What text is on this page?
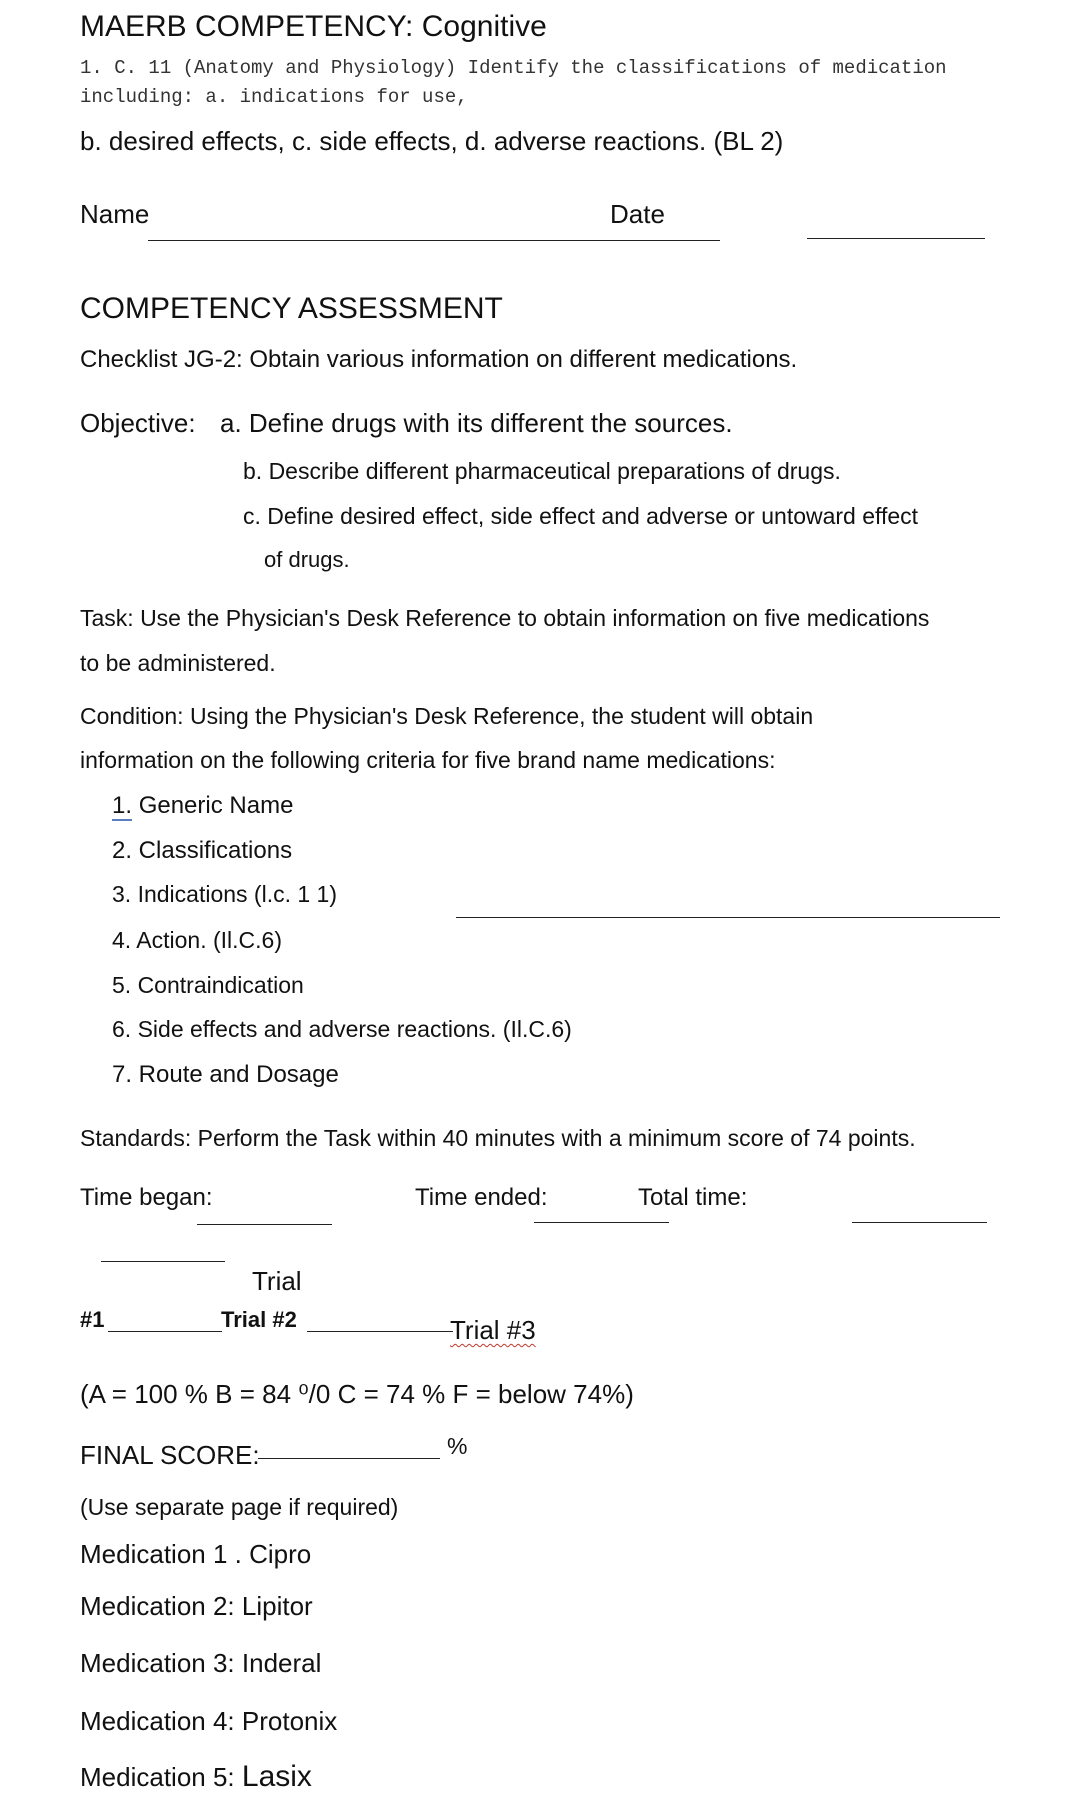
MAERB COMPETENCY: Cognitive
1. C. 11 (Anatomy and Physiology) Identify the classifications of medication
including: a. indications for use,
b. desired effects, c. side effects, d. adverse reactions. (BL 2)
Name	Date
COMPETENCY ASSESSMENT
Checklist JG-2: Obtain various information on different medications.
Objective: a. Define drugs with its different the sources.
b. Describe different pharmaceutical preparations of drugs.
c. Define desired effect, side effect and adverse or untoward effect
of drugs.
Task: Use the Physician's Desk Reference to obtain information on five medications
to be administered.
Condition: Using the Physician's Desk Reference, the student will obtain
information on the following criteria for five brand name medications:
1. Generic Name
2. Classifications
3. Indications (l.c. 1 1)
4. Action. (Il.C.6)
5. Contraindication
6. Side effects and adverse reactions. (Il.C.6)
7. Route and Dosage
Standards: Perform the Task within 40 minutes with a minimum score of 74 points.
Time began:	Time ended:	Total time:
Trial
#1	Trial #2	Trial #3
(A = 100 % B = 84 ⁰/0 C = 74 % F = below 74%)
FINAL SCORE:	%
(Use separate page if required)
Medication 1 . Cipro
Medication 2: Lipitor
Medication 3: Inderal
Medication 4: Protonix
Medication 5: Lasix
